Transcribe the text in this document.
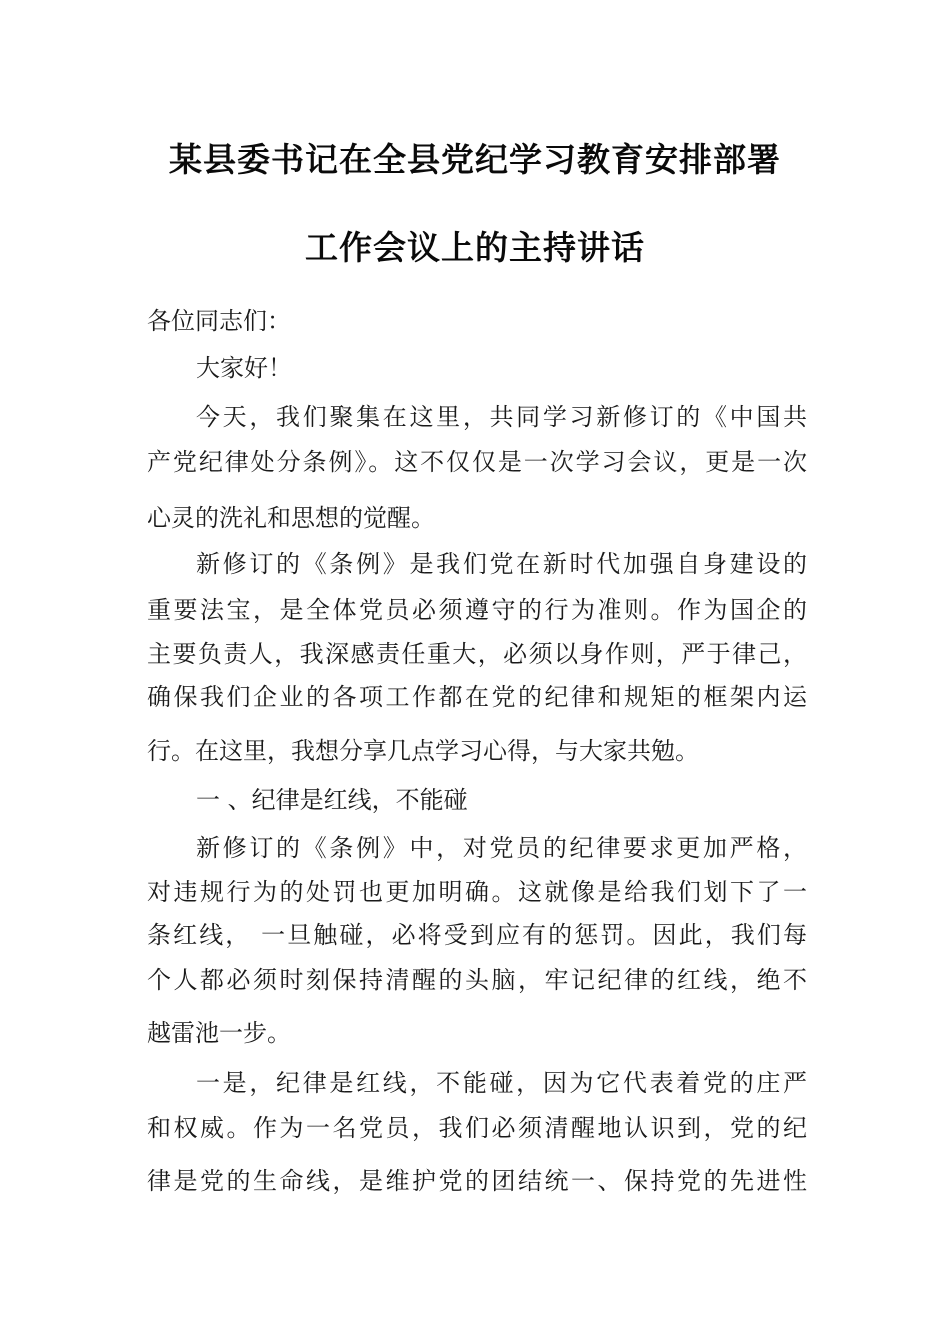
某县委书记在全县党纪学习教育安排部署
工作会议上的主持讲话
各位同志们：
大家好！
今天，我们聚集在这里，共同学习新修订的《中国共
产党纪律处分条例》。这不仅仅是一次学习会议，更是一次
心灵的洗礼和思想的觉醒。
新修订的《条例》是我们党在新时代加强自身建设的
重要法宝，是全体党员必须遵守的行为准则。作为国企的
主要负责人，我深感责任重大，必须以身作则，严于律己，
确保我们企业的各项工作都在党的纪律和规矩的框架内运
行。在这里，我想分享几点学习心得，与大家共勉。
一 、纪律是红线，不能碰
新修订的《条例》中，对党员的纪律要求更加严格，
对违规行为的处罚也更加明确。这就像是给我们划下了一
条红线， 一旦触碰，必将受到应有的惩罚。因此，我们每
个人都必须时刻保持清醒的头脑，牢记纪律的红线，绝不
越雷池一步。
一是，纪律是红线，不能碰，因为它代表着党的庄严
和权威。作为一名党员，我们必须清醒地认识到，党的纪
律是党的生命线，是维护党的团结统一、保持党的先进性
